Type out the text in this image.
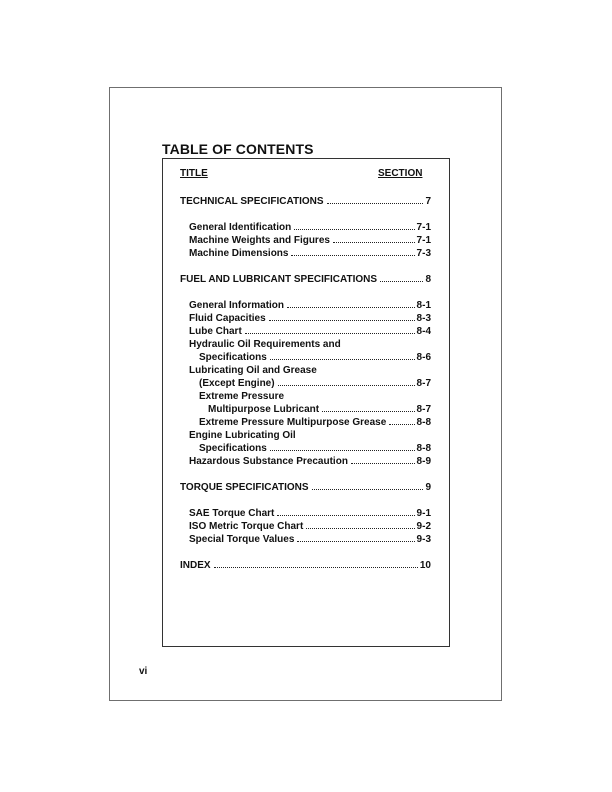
TABLE OF CONTENTS
TITLE	SECTION
TECHNICAL SPECIFICATIONS	7
General Identification	7-1
Machine Weights and Figures	7-1
Machine Dimensions	7-3
FUEL AND LUBRICANT SPECIFICATIONS	8
General Information	8-1
Fluid Capacities	8-3
Lube Chart	8-4
Hydraulic Oil Requirements and
Specifications	8-6
Lubricating Oil and Grease
(Except Engine)	8-7
Extreme Pressure
Multipurpose Lubricant	8-7
Extreme Pressure Multipurpose Grease	8-8
Engine Lubricating Oil
Specifications	8-8
Hazardous Substance Precaution	8-9
TORQUE SPECIFICATIONS	9
SAE Torque Chart	9-1
ISO Metric Torque Chart	9-2
Special Torque Values	9-3
INDEX	10
vi
